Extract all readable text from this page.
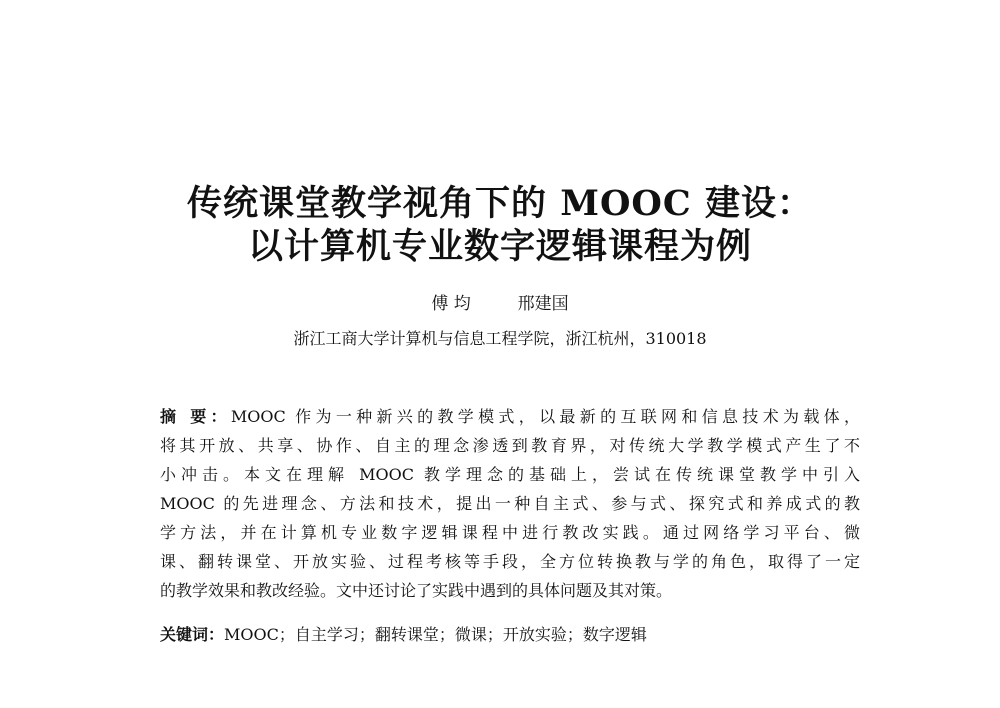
传统课堂教学视角下的 MOOC 建设：
以计算机专业数字逻辑课程为例
傅 均	邢建国
浙江工商大学计算机与信息工程学院，浙江杭州，310018
摘 要：MOOC 作为一种新兴的教学模式，以最新的互联网和信息技术为载体，
将其开放、共享、协作、自主的理念渗透到教育界，对传统大学教学模式产生了不
小冲击。本文在理解 MOOC 教学理念的基础上，尝试在传统课堂教学中引入
MOOC 的先进理念、方法和技术，提出一种自主式、参与式、探究式和养成式的教
学方法，并在计算机专业数字逻辑课程中进行教改实践。通过网络学习平台、微
课、翻转课堂、开放实验、过程考核等手段，全方位转换教与学的角色，取得了一定
的教学效果和教改经验。文中还讨论了实践中遇到的具体问题及其对策。
关键词：MOOC；自主学习；翻转课堂；微课；开放实验；数字逻辑
